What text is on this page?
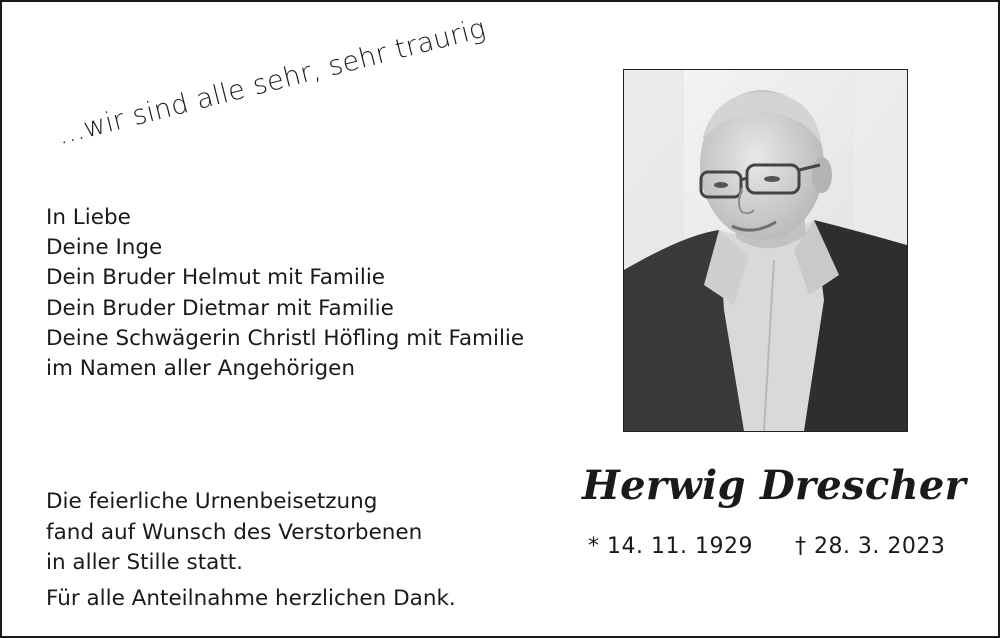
...wir sind alle sehr, sehr traurig
In Liebe
Deine Inge
Dein Bruder Helmut mit Familie
Dein Bruder Dietmar mit Familie
Deine Schwägerin Christl Höfling mit Familie
im Namen aller Angehörigen
Die feierliche Urnenbeisetzung
fand auf Wunsch des Verstorbenen
in aller Stille statt.
Für alle Anteilnahme herzlichen Dank.
Herwig Drescher
* 14. 11. 1929 † 28. 3. 2023
